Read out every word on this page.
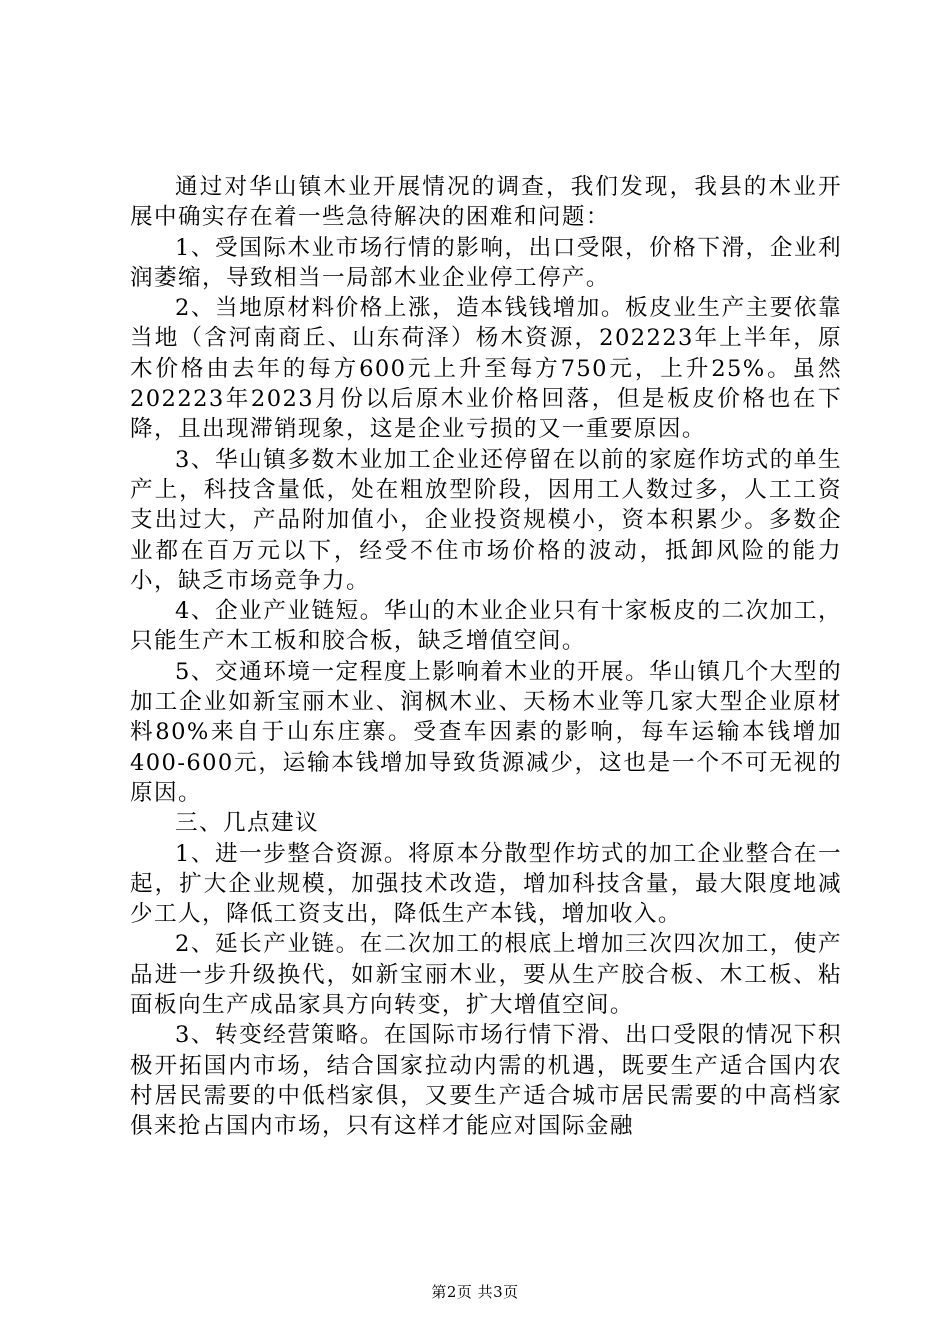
通过对华山镇木业开展情况的调查，我们发现，我县的木业开展中确实存在着一些急待解决的困难和问题：

1、受国际木业市场行情的影响，出口受限，价格下滑，企业利润萎缩，导致相当一局部木业企业停工停产。

2、当地原材料价格上涨，造本钱钱增加。板皮业生产主要依靠当地（含河南商丘、山东荷泽）杨木资源，202223年上半年，原木价格由去年的每方600元上升至每方750元，上升25%。虽然202223年2023月份以后原木业价格回落，但是板皮价格也在下降，且出现滞销现象，这是企业亏损的又一重要原因。

3、华山镇多数木业加工企业还停留在以前的家庭作坊式的单生产上，科技含量低，处在粗放型阶段，因用工人数过多，人工工资支出过大，产品附加值小，企业投资规模小，资本积累少。多数企业都在百万元以下，经受不住市场价格的波动，抵卸风险的能力小，缺乏市场竞争力。

4、企业产业链短。华山的木业企业只有十家板皮的二次加工，只能生产木工板和胶合板，缺乏增值空间。

5、交通环境一定程度上影响着木业的开展。华山镇几个大型的加工企业如新宝丽木业、润枫木业、天杨木业等几家大型企业原材料80%来自于山东庄寨。受查车因素的影响，每车运输本钱增加400-600元，运输本钱增加导致货源减少，这也是一个不可无视的原因。

三、几点建议

1、进一步整合资源。将原本分散型作坊式的加工企业整合在一起，扩大企业规模，加强技术改造，增加科技含量，最大限度地减少工人，降低工资支出，降低生产本钱，增加收入。

2、延长产业链。在二次加工的根底上增加三次四次加工，使产品进一步升级换代，如新宝丽木业，要从生产胶合板、木工板、粘面板向生产成品家具方向转变，扩大增值空间。

3、转变经营策略。在国际市场行情下滑、出口受限的情况下积极开拓国内市场，结合国家拉动内需的机遇，既要生产适合国内农村居民需要的中低档家俱，又要生产适合城市居民需要的中高档家俱来抢占国内市场，只有这样才能应对国际金融

第2页 共3页
